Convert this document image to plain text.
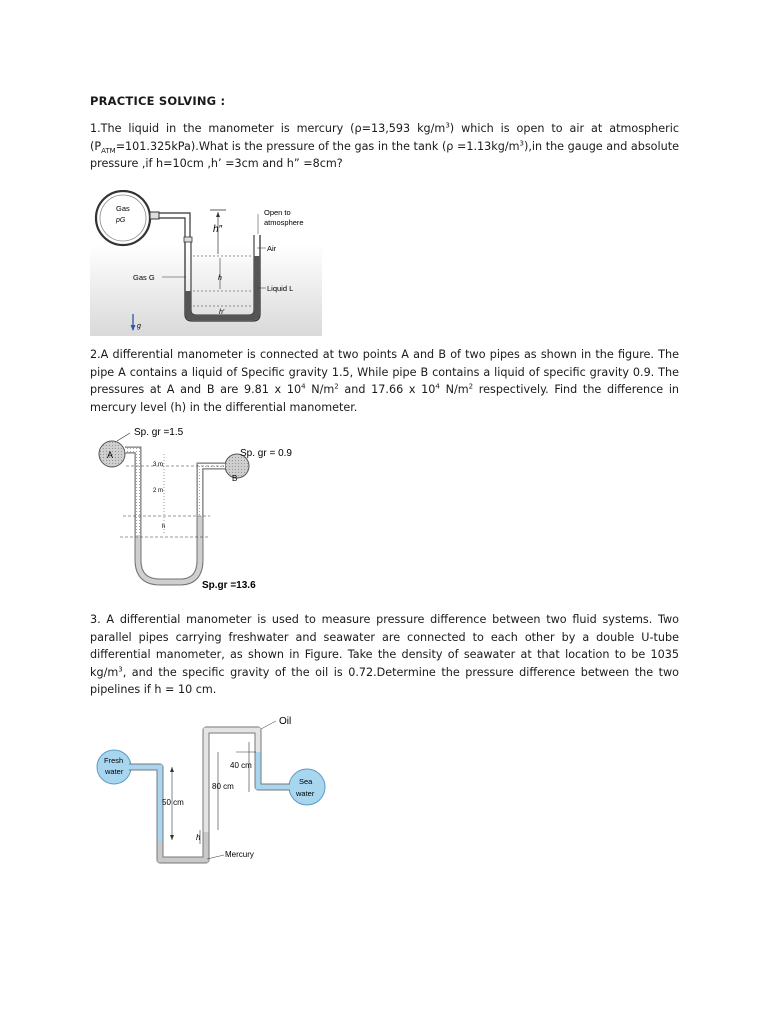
PRACTICE SOLVING :
1.The liquid in the manometer is mercury (ρ=13,593 $kg/m^3$) which is open to air at atmospheric $(P_{ATM}=101.325kPa).What$ is the pressure of the gas in the tank $(\rho =1.13kg/m^3),in$ the gauge and absolute pressure ,if h=10cm ,h’ =3cm and h” =8cm?
Gas
pG
h″
h
h′
Open to
atmosphere
Air
Liquid L
Gas G
g
2.A differential manometer is connected at two points A and B of two pipes as shown in the figure. The pipe A contains a liquid of Specific gravity 1.5, While pipe B contains a liquid of specific gravity 0.9. The pressures at A and B are 9.81 x $10^4$ $N/m^2$ and 17.66 x $10^4$ $N/m^2$ respectively. Find the difference in mercury level (h) in the differential manometer.
A
Sp. gr =1.5
B
Sp. gr = 0.9
3 m
2 m
h
Sp.gr =13.6
3. A differential manometer is used to measure pressure difference between two fluid systems. Two parallel pipes carrying freshwater and seawater are connected to each other by a double U-tube differential manometer, as shown in Figure. Take the density of seawater at that location to be 1035 $kg/m^3$, and the specific gravity of the oil is 0.72.Determine the pressure difference between the two pipelines if h = 10 cm.
Fresh
water
Sea
water
Oil
50 cm
h
80 cm
40 cm
Mercury
